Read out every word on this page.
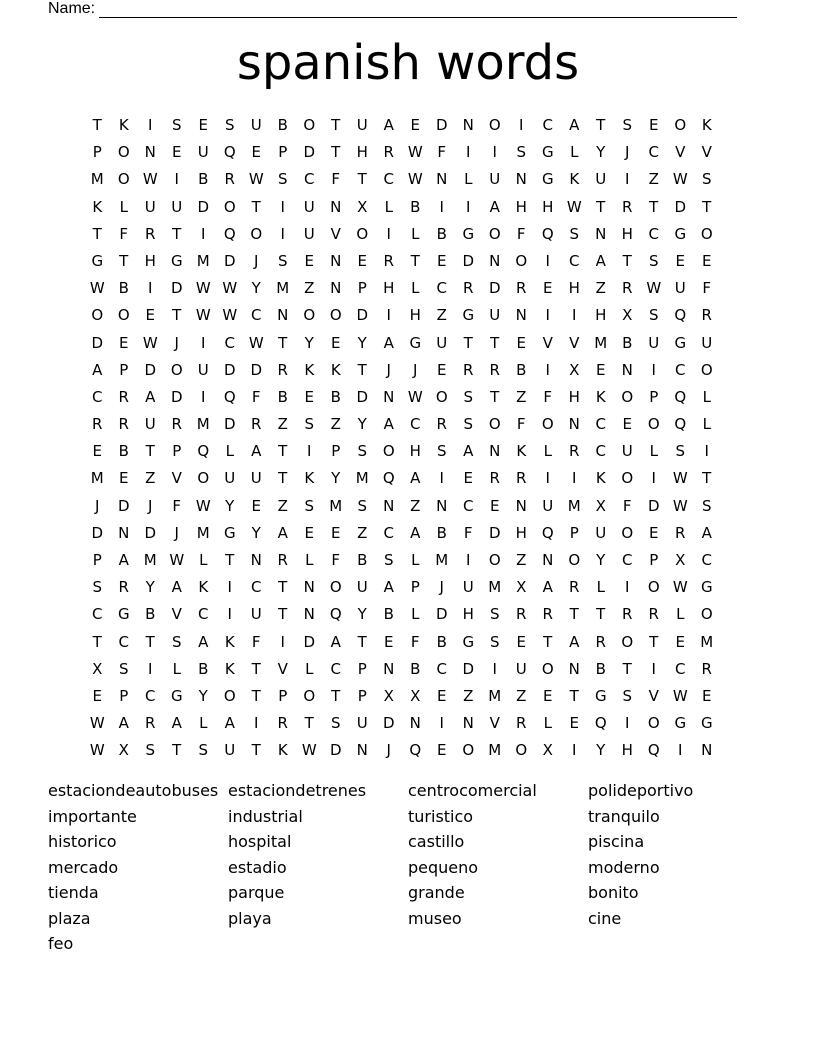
Name:
spanish words
T	K	I	S	E	S	U	B	O	T	U	A	E	D	N O	I	C	A	T	S	E	O	K
P	O N	E	U	Q	E	P	D	T	H	R W F	I	I	S	G	L	Y	J	C	V	V
M O W	I	B	R W S	C	F	T	C W N	L	U	N	G	K	U	I	Z W S
K	L	U	U	D O	T	I	U	N	X	L	B	I	I	A	H	H W T	R	T	D	T
T	F	R	T	I	Q O	I	U	V	O	I	L	B	G O	F	Q	S	N	H	C	G O
G	T	H	G M D	J	S	E	N	E	R	T	E	D	N O	I	C	A	T	S	E	E
W B	I	D W W Y	M Z	N	P	H	L	C	R	D	R	E	H	Z	R W U	F
O O	E	T W W C	N O O D	I	H	Z	G	U	N	I	I	H	X	S	Q	R
D	E W	J	I	C W T	Y	E	Y	A	G	U	T	T	E	V	V M B	U	G	U
A	P	D O	U	D D	R	K	K	T	J	J	E	R	R	B	I	X	E	N	I	C	O
C	R	A	D	I	Q	F	B	E	B	D	N W O	S	T	Z	F	H	K	O	P	Q	L
R	R	U	R M D	R	Z	S	Z	Y	A	C	R	S	O	F	O N	C	E	O Q	L
E	B	T	P	Q	L	A	T	I	P	S	O H	S	A	N	K	L	R	C	U	L	S	I
M	E	Z	V	O	U	U	T	K	Y	M Q	A	I	E	R	R	I	I	K	O	I	W T
J	D	J	F W Y	E	Z	S	M	S	N	Z	N	C	E	N	U M X	F	D W S
D	N	D	J	M G	Y	A	E	E	Z	C	A	B	F	D	H Q	P	U	O	E	R	A
P	A M W L	T	N	R	L	F	B	S	L	M	I	O	Z	N O	Y	C	P	X	C
S	R	Y	A	K	I	C	T	N O	U	A	P	J	U M X	A	R	L	I	O W G
C	G	B	V	C	I	U	T	N Q	Y	B	L	D	H	S	R	R	T	T	R	R	L	O
T	C	T	S	A	K	F	I	D	A	T	E	F	B	G	S	E	T	A	R	O	T	E	M
X	S	I	L	B	K	T	V	L	C	P	N	B	C	D	I	U	O N	B	T	I	C	R
E	P	C	G	Y	O	T	P	O	T	P	X	X	E	Z M Z	E	T	G	S	V W E
W A	R	A	L	A	I	R	T	S	U	D	N	I	N	V	R	L	E	Q	I	O G G
W X	S	T	S	U	T	K W D	N	J	Q	E	O M O	X	I	Y	H Q	I	N
estaciondeautobuses estaciondetrenes	centrocomercial	polideportivo
importante	industrial	turistico	tranquilo
historico	hospital	castillo	piscina
mercado	estadio	pequeno	moderno
tienda	parque	grande	bonito
plaza	playa	museo	cine
feo
